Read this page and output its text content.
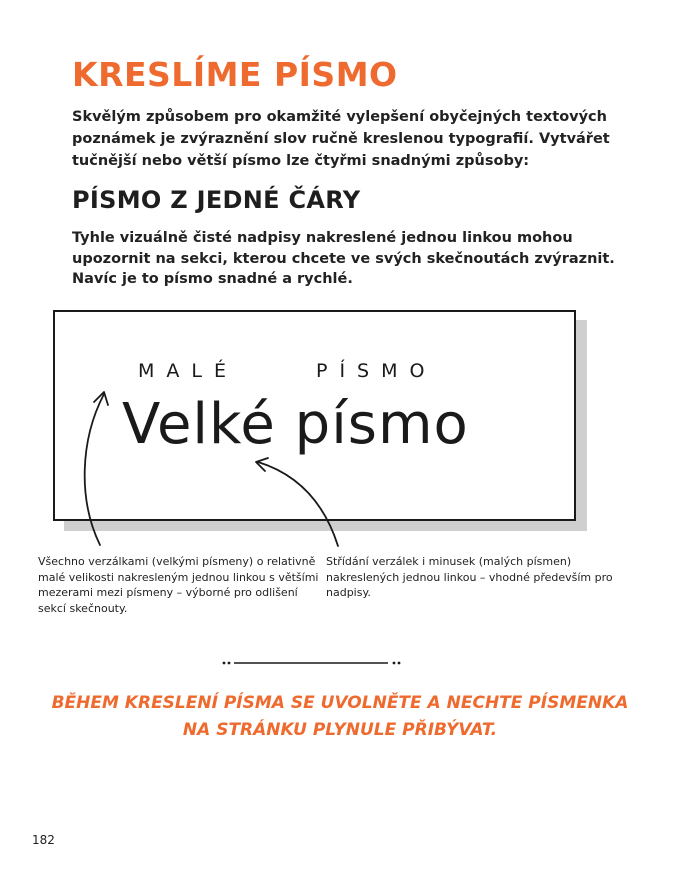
KRESLÍME PÍSMO

Skvělým způsobem pro okamžité vylepšení obyčejných textových poznámek je zvýraznění slov ručně kreslenou typografií. Vytvářet tučnější nebo větší písmo lze čtyřmi snadnými způsoby:

PÍSMO Z JEDNÉ ČÁRY

Tyhle vizuálně čisté nadpisy nakreslené jednou linkou mohou upozornit na sekci, kterou chcete ve svých skečnoutách zvýraznit. Navíc je to písmo snadné a rychlé.

MALÉ	PÍSMO
Velké písmo

Všechno verzálkami (velkými písmeny) o relativně malé velikosti nakresleným jednou linkou s většími mezerami mezi písmeny – výborné pro odlišení sekcí skečnouty.

Střídání verzálek i minusek (malých písmen) nakreslených jednou linkou – vhodné především pro nadpisy.

BĚHEM KRESLENÍ PÍSMA SE UVOLNĚTE A NECHTE PÍSMENKA NA STRÁNKU PLYNULE PŘIBÝVAT.

182
